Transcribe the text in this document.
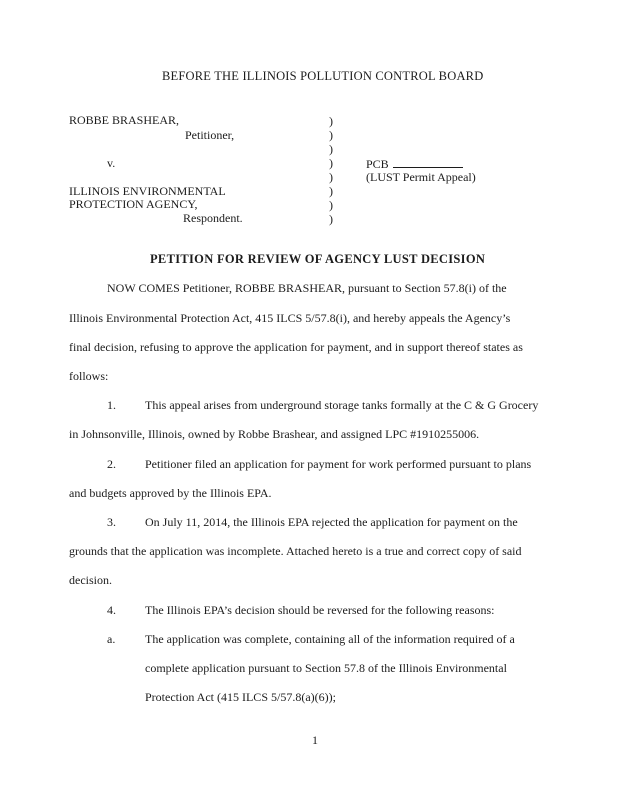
BEFORE THE ILLINOIS POLLUTION CONTROL BOARD
ROBBE BRASHEAR,
Petitioner,
v.
ILLINOIS ENVIRONMENTAL
PROTECTION AGENCY,
Respondent.
)
)
)
)
)
)
)
)
PCB
(LUST Permit Appeal)
PETITION FOR REVIEW OF AGENCY LUST DECISION
NOW COMES Petitioner, ROBBE BRASHEAR, pursuant to Section 57.8(i) of the
Illinois Environmental Protection Act, 415 ILCS 5/57.8(i), and hereby appeals the Agency’s
final decision, refusing to approve the application for payment, and in support thereof states as
follows:
1. This appeal arises from underground storage tanks formally at the C & G Grocery
in Johnsonville, Illinois, owned by Robbe Brashear, and assigned LPC #1910255006.
2. Petitioner filed an application for payment for work performed pursuant to plans
and budgets approved by the Illinois EPA.
3. On July 11, 2014, the Illinois EPA rejected the application for payment on the
grounds that the application was incomplete. Attached hereto is a true and correct copy of said
decision.
4. The Illinois EPA’s decision should be reversed for the following reasons:
a. The application was complete, containing all of the information required of a
complete application pursuant to Section 57.8 of the Illinois Environmental
Protection Act (415 ILCS 5/57.8(a)(6));
1
